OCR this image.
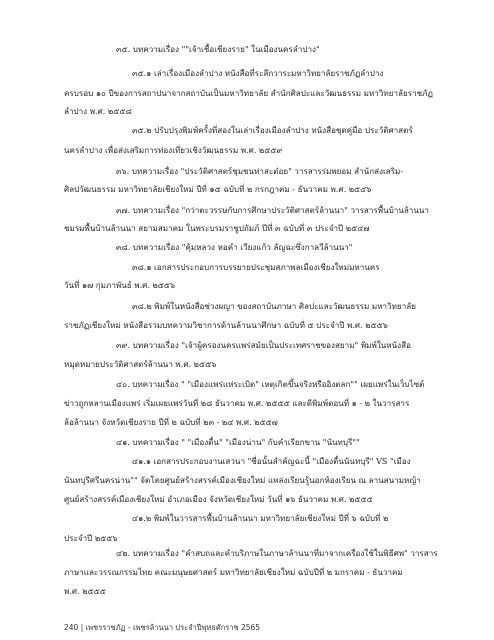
๓๕. บทความเรื่อง ""เจ้าเชื้อเชียงราย" ในเมืองนครลำปาง"
๓๕.๑ เล่าเรื่องเมืองลำปาง หนังสือที่ระลึกวาระมหาวิทยาลัยราชภัฏลำปาง
ครบรอบ ๑๐ ปีของการสถาปนาจากสถาบันเป็นมหาวิทยาลัย สำนักศิลปะและวัฒนธรรม มหาวิทยาลัยราชภัฏ
ลำปาง พ.ศ. ๒๕๕๘
๓๕.๒ ปรับปรุงพิมพ์ครั้งที่สองในเล่าเรื่องเมืองลำปาง หนังสือชุดคู่มือ ประวัติศาสตร์
นครลำปาง เพื่อส่งเสริมการท่องเที่ยวเชิงวัฒนธรรม พ.ศ. ๒๕๕๙
๓๖. บทความเรื่อง "ประวัติศาสตร์ชุมชนท่าสะต๋อย" วารสารร่มพยอม สำนักส่งเสริม-
ศิลปวัฒนธรรม มหาวิทยาลัยเชียงใหม่ ปีที่ ๑๕ ฉบับที่ ๒ กรกฎาคม - ธันวาคม พ.ศ. ๒๕๔๖
๓๗. บทความเรื่อง "กว่าตะวรรษกับการศึกษาประวัติศาสตร์ล้านนา" วารสารพื้นบ้านล้านนา
ชมรมพื้นบ้านล้านนา สยามสมาคม ในพระบรมราชูปถัมภ์ ปีที่ ๓ ฉบับที่ ๓ ประจำปี ๒๕๔๗
๓๘. บทความเรื่อง "คุ้มหลวง หอคำ เวียงแก้ว ลัญฉะซึ่งกาลวีล้านนา"
๓๘.๑ เอกสารประกอบการบรรยายประชุมสภาพลเมืองเชียงใหม่มหานคร
วันที่ ๑๗ กุมภาพันธ์ พ.ศ. ๒๕๕๖
๓๘.๒ พิมพ์ในหนังสือช่วงผญา ของสถาบันภาษา ศิลปะและวัฒนธรรม มหาวิทยาลัย
ราชภัฏเชียงใหม่ หนังสือรวมบทความวิชาการด้านล้านนาศึกษา ฉบับที่ ๕ ประจำปี พ.ศ. ๒๕๕๖
๓๙. บทความเรื่อง "เจ้าผู้ครองนครแพร่สมัยเป็นประเทศราชของสยาม" พิมพ์ในหนังสือ
หมุดหมายประวัติศาสตร์ล้านนา พ.ศ. ๒๕๕๖
๔๐. บทความเรื่อง " "เมืองแพร่แห่ระเบิด" เหตุเกิดขึ้นจริงหรืออิงตลก"" เผยแพร่ในเว็บไซต์
ข่าวถูกหลานเมืองแพร่ เริ่มเผยแพร่วันที่ ๒๘ ธันวาคม พ.ศ. ๒๕๕๕ และตีพิมพ์ตอนที่ ๑ - ๒ ในวารสาร
ล้อล้านนา จังหวัดเชียงราย ปีที่ ๒ ฉบับที่ ๒๓ - ๒๔ พ.ศ. ๒๕๕๗
๔๑. บทความเรื่อง " "เมืองตื๋น" "เมืองน่าน" กับคำเรียกขาน "นันทบุรี""
๔๑.๑ เอกสารประกอบงานเสวนา "ชื่อนั้นสำคัญฉะนี้ "เมืองตื๋นนันทบุรี" VS "เมือง
นันทบุรีศรีนครน่าน"" จัดโดยศูนย์สร้างสรรค์เมืองเชียงใหม่ แหล่งเรียนรู้นอกห้องเรียน ณ ลานสนามหญ้า
ศูนย์สร้างสรรค์เมืองเชียงใหม่ อำเภอเมือง จังหวัดเชียงใหม่ วันที่ ๑๖ ธันวาคม พ.ศ. ๒๕๕๕
๔๑.๒ พิมพ์ในวารสารพื้นบ้านล้านนา มหาวิทยาลัยเชียงใหม่ ปีที่ ๖ ฉบับที่ ๒
ประจำปี ๒๕๕๖
240 | เพชรราชภัฏ - เพชรล้านนา ประจำปีพุทธศักราช 2565
๔๒. บทความเรื่อง "คำสบถและคำบริภาษในภาษาล้านนาที่มาจากเครื่องใช้ในพิธีศพ" วารสาร
ภาษาและวรรณกรรมไทย คณะมนุษยศาสตร์ มหาวิทยาลัยเชียงใหม่ ฉบับปีที่ ๒ มกราคม - ธันวาคม
พ.ศ. ๒๕๕๕
